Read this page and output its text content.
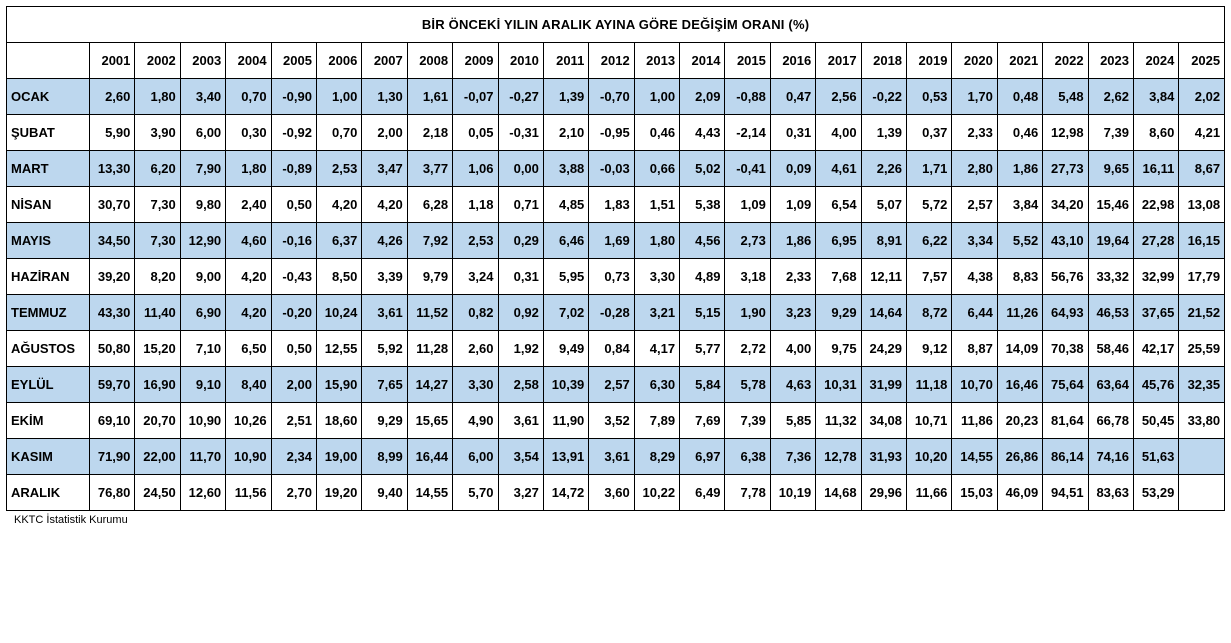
BİR ÖNCEKİ YILIN ARALIK AYINA GÖRE DEĞİŞİM ORANI (%)																									
	2001	2002	2003	2004	2005	2006	2007	2008	2009	2010	2011	2012	2013	2014	2015	2016	2017	2018	2019	2020	2021	2022	2023	2024	2025
OCAK	2,60	1,80	3,40	0,70	-0,90	1,00	1,30	1,61	-0,07	-0,27	1,39	-0,70	1,00	2,09	-0,88	0,47	2,56	-0,22	0,53	1,70	0,48	5,48	2,62	3,84	2,02
ŞUBAT	5,90	3,90	6,00	0,30	-0,92	0,70	2,00	2,18	0,05	-0,31	2,10	-0,95	0,46	4,43	-2,14	0,31	4,00	1,39	0,37	2,33	0,46	12,98	7,39	8,60	4,21
MART	13,30	6,20	7,90	1,80	-0,89	2,53	3,47	3,77	1,06	0,00	3,88	-0,03	0,66	5,02	-0,41	0,09	4,61	2,26	1,71	2,80	1,86	27,73	9,65	16,11	8,67
NİSAN	30,70	7,30	9,80	2,40	0,50	4,20	4,20	6,28	1,18	0,71	4,85	1,83	1,51	5,38	1,09	1,09	6,54	5,07	5,72	2,57	3,84	34,20	15,46	22,98	13,08
MAYIS	34,50	7,30	12,90	4,60	-0,16	6,37	4,26	7,92	2,53	0,29	6,46	1,69	1,80	4,56	2,73	1,86	6,95	8,91	6,22	3,34	5,52	43,10	19,64	27,28	16,15
HAZİRAN	39,20	8,20	9,00	4,20	-0,43	8,50	3,39	9,79	3,24	0,31	5,95	0,73	3,30	4,89	3,18	2,33	7,68	12,11	7,57	4,38	8,83	56,76	33,32	32,99	17,79
TEMMUZ	43,30	11,40	6,90	4,20	-0,20	10,24	3,61	11,52	0,82	0,92	7,02	-0,28	3,21	5,15	1,90	3,23	9,29	14,64	8,72	6,44	11,26	64,93	46,53	37,65	21,52
AĞUSTOS	50,80	15,20	7,10	6,50	0,50	12,55	5,92	11,28	2,60	1,92	9,49	0,84	4,17	5,77	2,72	4,00	9,75	24,29	9,12	8,87	14,09	70,38	58,46	42,17	25,59
EYLÜL	59,70	16,90	9,10	8,40	2,00	15,90	7,65	14,27	3,30	2,58	10,39	2,57	6,30	5,84	5,78	4,63	10,31	31,99	11,18	10,70	16,46	75,64	63,64	45,76	32,35
EKİM	69,10	20,70	10,90	10,26	2,51	18,60	9,29	15,65	4,90	3,61	11,90	3,52	7,89	7,69	7,39	5,85	11,32	34,08	10,71	11,86	20,23	81,64	66,78	50,45	33,80
KASIM	71,90	22,00	11,70	10,90	2,34	19,00	8,99	16,44	6,00	3,54	13,91	3,61	8,29	6,97	6,38	7,36	12,78	31,93	10,20	14,55	26,86	86,14	74,16	51,63	
ARALIK	76,80	24,50	12,60	11,56	2,70	19,20	9,40	14,55	5,70	3,27	14,72	3,60	10,22	6,49	7,78	10,19	14,68	29,96	11,66	15,03	46,09	94,51	83,63	53,29	
KKTC İstatistik Kurumu
